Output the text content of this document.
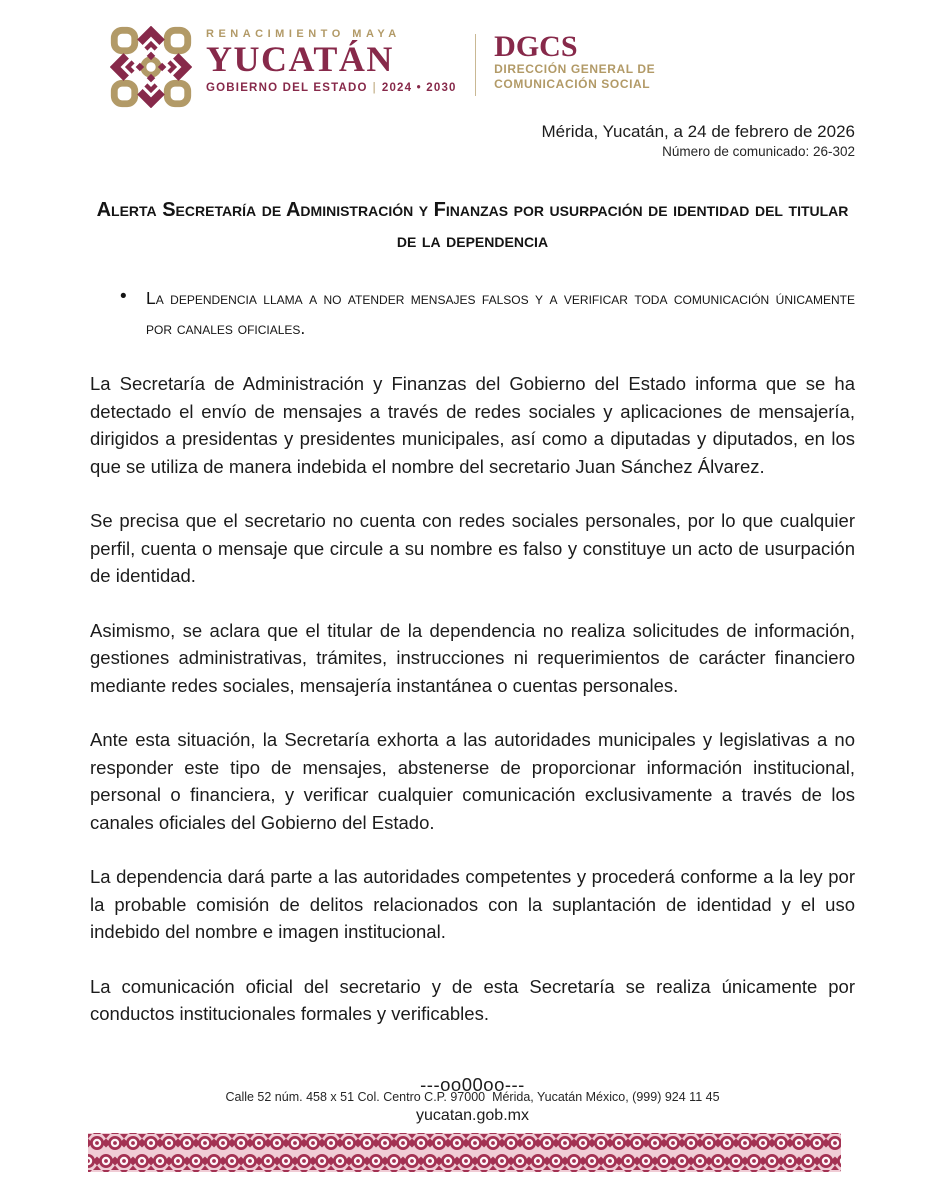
RENACIMIENTO MAYA
YUCATÁN
GOBIERNO DEL ESTADO | 2024 • 2030
DGCS
DIRECCIÓN GENERAL DE
COMUNICACIÓN SOCIAL
Mérida, Yucatán, a 24 de febrero de 2026
Número de comunicado: 26-302
Alerta Secretaría de Administración y Finanzas por usurpación de identidad del titular de la dependencia
• La dependencia llama a no atender mensajes falsos y a verificar toda comunicación únicamente por canales oficiales.

La Secretaría de Administración y Finanzas del Gobierno del Estado informa que se ha detectado el envío de mensajes a través de redes sociales y aplicaciones de mensajería, dirigidos a presidentas y presidentes municipales, así como a diputadas y diputados, en los que se utiliza de manera indebida el nombre del secretario Juan Sánchez Álvarez.

Se precisa que el secretario no cuenta con redes sociales personales, por lo que cualquier perfil, cuenta o mensaje que circule a su nombre es falso y constituye un acto de usurpación de identidad.

Asimismo, se aclara que el titular de la dependencia no realiza solicitudes de información, gestiones administrativas, trámites, instrucciones ni requerimientos de carácter financiero mediante redes sociales, mensajería instantánea o cuentas personales.

Ante esta situación, la Secretaría exhorta a las autoridades municipales y legislativas a no responder este tipo de mensajes, abstenerse de proporcionar información institucional, personal o financiera, y verificar cualquier comunicación exclusivamente a través de los canales oficiales del Gobierno del Estado.

La dependencia dará parte a las autoridades competentes y procederá conforme a la ley por la probable comisión de delitos relacionados con la suplantación de identidad y el uso indebido del nombre e imagen institucional.

La comunicación oficial del secretario y de esta Secretaría se realiza únicamente por conductos institucionales formales y verificables.

---oo00oo---
Calle 52 núm. 458 x 51 Col. Centro C.P. 97000  Mérida, Yucatán México, (999) 924 11 45
yucatan.gob.mx
